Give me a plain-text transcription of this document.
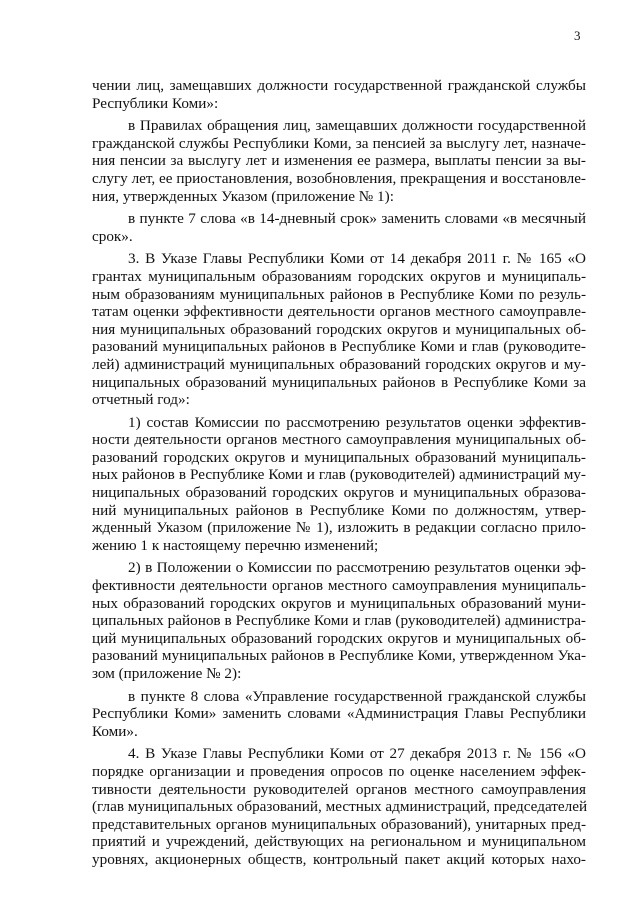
3
чении лиц, замещавших должности государственной гражданской службы
Республики Коми»:
в Правилах обращения лиц, замещавших должности государственной
гражданской службы Республики Коми, за пенсией за выслугу лет, назначе-
ния пенсии за выслугу лет и изменения ее размера, выплаты пенсии за вы-
слугу лет, ее приостановления, возобновления, прекращения и восстановле-
ния, утвержденных Указом (приложение № 1):
в пункте 7 слова «в 14-дневный срок» заменить словами «в месячный
срок».
3. В Указе Главы Республики Коми от 14 декабря 2011 г. № 165 «О
грантах муниципальным образованиям городских округов и муниципаль-
ным образованиям муниципальных районов в Республике Коми по резуль-
татам оценки эффективности деятельности органов местного самоуправле-
ния муниципальных образований городских округов и муниципальных об-
разований муниципальных районов в Республике Коми и глав (руководите-
лей) администраций муниципальных образований городских округов и му-
ниципальных образований муниципальных районов в Республике Коми за
отчетный год»:
1) состав Комиссии по рассмотрению результатов оценки эффектив-
ности деятельности органов местного самоуправления муниципальных об-
разований городских округов и муниципальных образований муниципаль-
ных районов в Республике Коми и глав (руководителей) администраций му-
ниципальных образований городских округов и муниципальных образова-
ний муниципальных районов в Республике Коми по должностям, утвер-
жденный Указом (приложение № 1), изложить в редакции согласно прило-
жению 1 к настоящему перечню изменений;
2) в Положении о Комиссии по рассмотрению результатов оценки эф-
фективности деятельности органов местного самоуправления муниципаль-
ных образований городских округов и муниципальных образований муни-
ципальных районов в Республике Коми и глав (руководителей) администра-
ций муниципальных образований городских округов и муниципальных об-
разований муниципальных районов в Республике Коми, утвержденном Ука-
зом (приложение № 2):
в пункте 8 слова «Управление государственной гражданской службы
Республики Коми» заменить словами «Администрация Главы Республики
Коми».
4. В Указе Главы Республики Коми от 27 декабря 2013 г. № 156 «О
порядке организации и проведения опросов по оценке населением эффек-
тивности деятельности руководителей органов местного самоуправления
(глав муниципальных образований, местных администраций, председателей
представительных органов муниципальных образований), унитарных пред-
приятий и учреждений, действующих на региональном и муниципальном
уровнях, акционерных обществ, контрольный пакет акций которых нахо-
